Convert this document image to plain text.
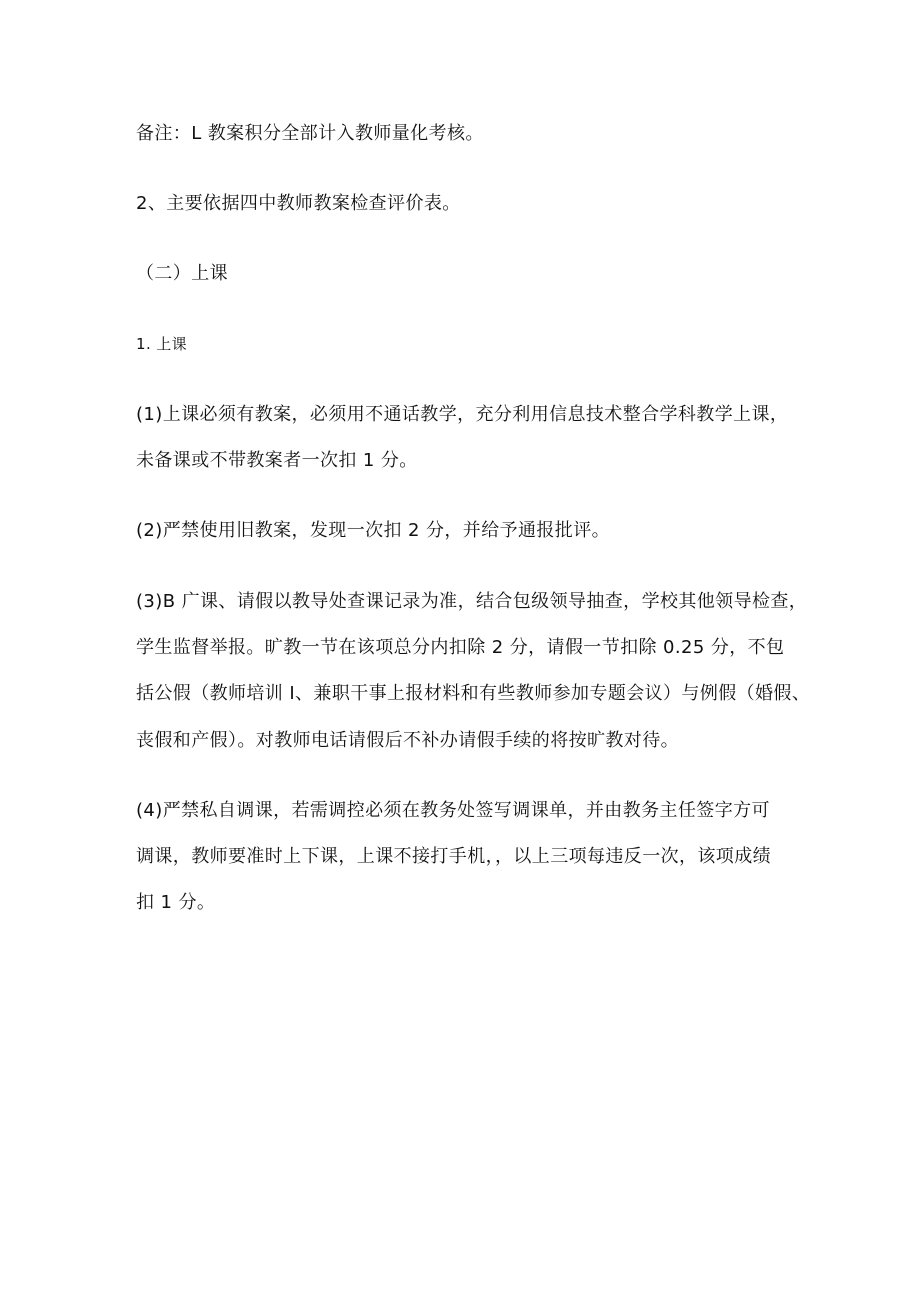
备注：L 教案积分全部计入教师量化考核。
2、主要依据四中教师教案检查评价表。
（二）上课
1. 上课
(1)上课必须有教案，必须用不通话教学，充分利用信息技术整合学科教学上课，
未备课或不带教案者一次扣 1 分。
(2)严禁使用旧教案，发现一次扣 2 分，并给予通报批评。
(3)B 广课、请假以教导处查课记录为准，结合包级领导抽查，学校其他领导检查，
学生监督举报。旷教一节在该项总分内扣除 2 分，请假一节扣除 0.25 分，不包
括公假（教师培训 I、兼职干事上报材料和有些教师参加专题会议）与例假（婚假、
丧假和产假）。对教师电话请假后不补办请假手续的将按旷教对待。
(4)严禁私自调课，若需调控必须在教务处签写调课单，并由教务主任签字方可
调课，教师要准时上下课，上课不接打手机，，以上三项每违反一次，该项成绩
扣 1 分。
